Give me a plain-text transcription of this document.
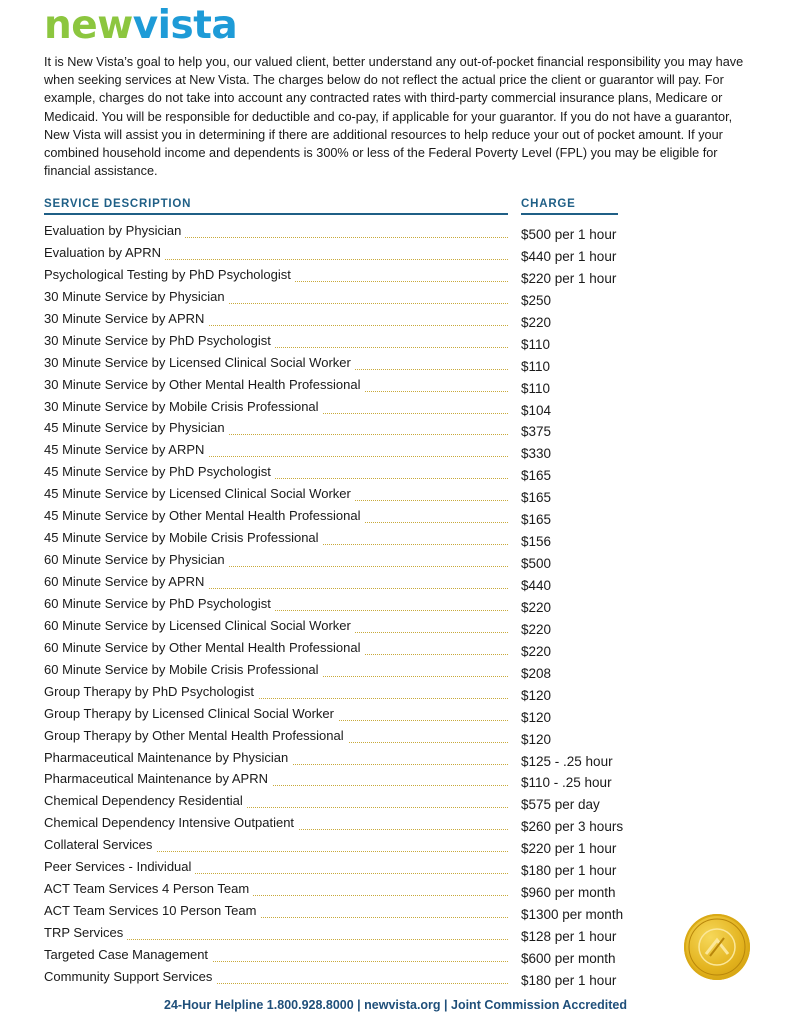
newvista

It is New Vista’s goal to help you, our valued client, better understand any out-of-pocket financial responsibility you may have when seeking services at New Vista. The charges below do not reflect the actual price the client or guarantor will pay. For example, charges do not take into account any contracted rates with third-party commercial insurance plans, Medicare or Medicaid. You will be responsible for deductible and co-pay, if applicable for your guarantor. If you do not have a guarantor, New Vista will assist you in determining if there are additional resources to help reduce your out of pocket amount. If your combined household income and dependents is 300% or less of the Federal Poverty Level (FPL) you may be eligible for financial assistance.

SERVICE DESCRIPTION	CHARGE
Evaluation by Physician	$500 per 1 hour
Evaluation by APRN	$440 per 1 hour
Psychological Testing by PhD Psychologist	$220 per 1 hour
30 Minute Service by Physician	$250
30 Minute Service by APRN	$220
30 Minute Service by PhD Psychologist	$110
30 Minute Service by Licensed Clinical Social Worker	$110
30 Minute Service by Other Mental Health Professional	$110
30 Minute Service by Mobile Crisis Professional	$104
45 Minute Service by Physician	$375
45 Minute Service by ARPN	$330
45 Minute Service by PhD Psychologist	$165
45 Minute Service by Licensed Clinical Social Worker	$165
45 Minute Service by Other Mental Health Professional	$165
45 Minute Service by Mobile Crisis Professional	$156
60 Minute Service by Physician	$500
60 Minute Service by APRN	$440
60 Minute Service by PhD Psychologist	$220
60 Minute Service by Licensed Clinical Social Worker	$220
60 Minute Service by Other Mental Health Professional	$220
60 Minute Service by Mobile Crisis Professional	$208
Group Therapy by PhD Psychologist	$120
Group Therapy by Licensed Clinical Social Worker	$120
Group Therapy by Other Mental Health Professional	$120
Pharmaceutical Maintenance by Physician	$125 - .25 hour
Pharmaceutical Maintenance by APRN	$110 - .25 hour
Chemical Dependency Residential	$575 per day
Chemical Dependency Intensive Outpatient	$260 per 3 hours
Collateral Services	$220 per 1 hour
Peer Services - Individual	$180 per 1 hour
ACT Team Services 4 Person Team	$960 per month
ACT Team Services 10 Person Team	$1300 per month
TRP Services	$128 per 1 hour
Targeted Case Management	$600 per month
Community Support Services	$180 per 1 hour
24-Hour Helpline 1.800.928.8000 | newvista.org | Joint Commission Accredited
